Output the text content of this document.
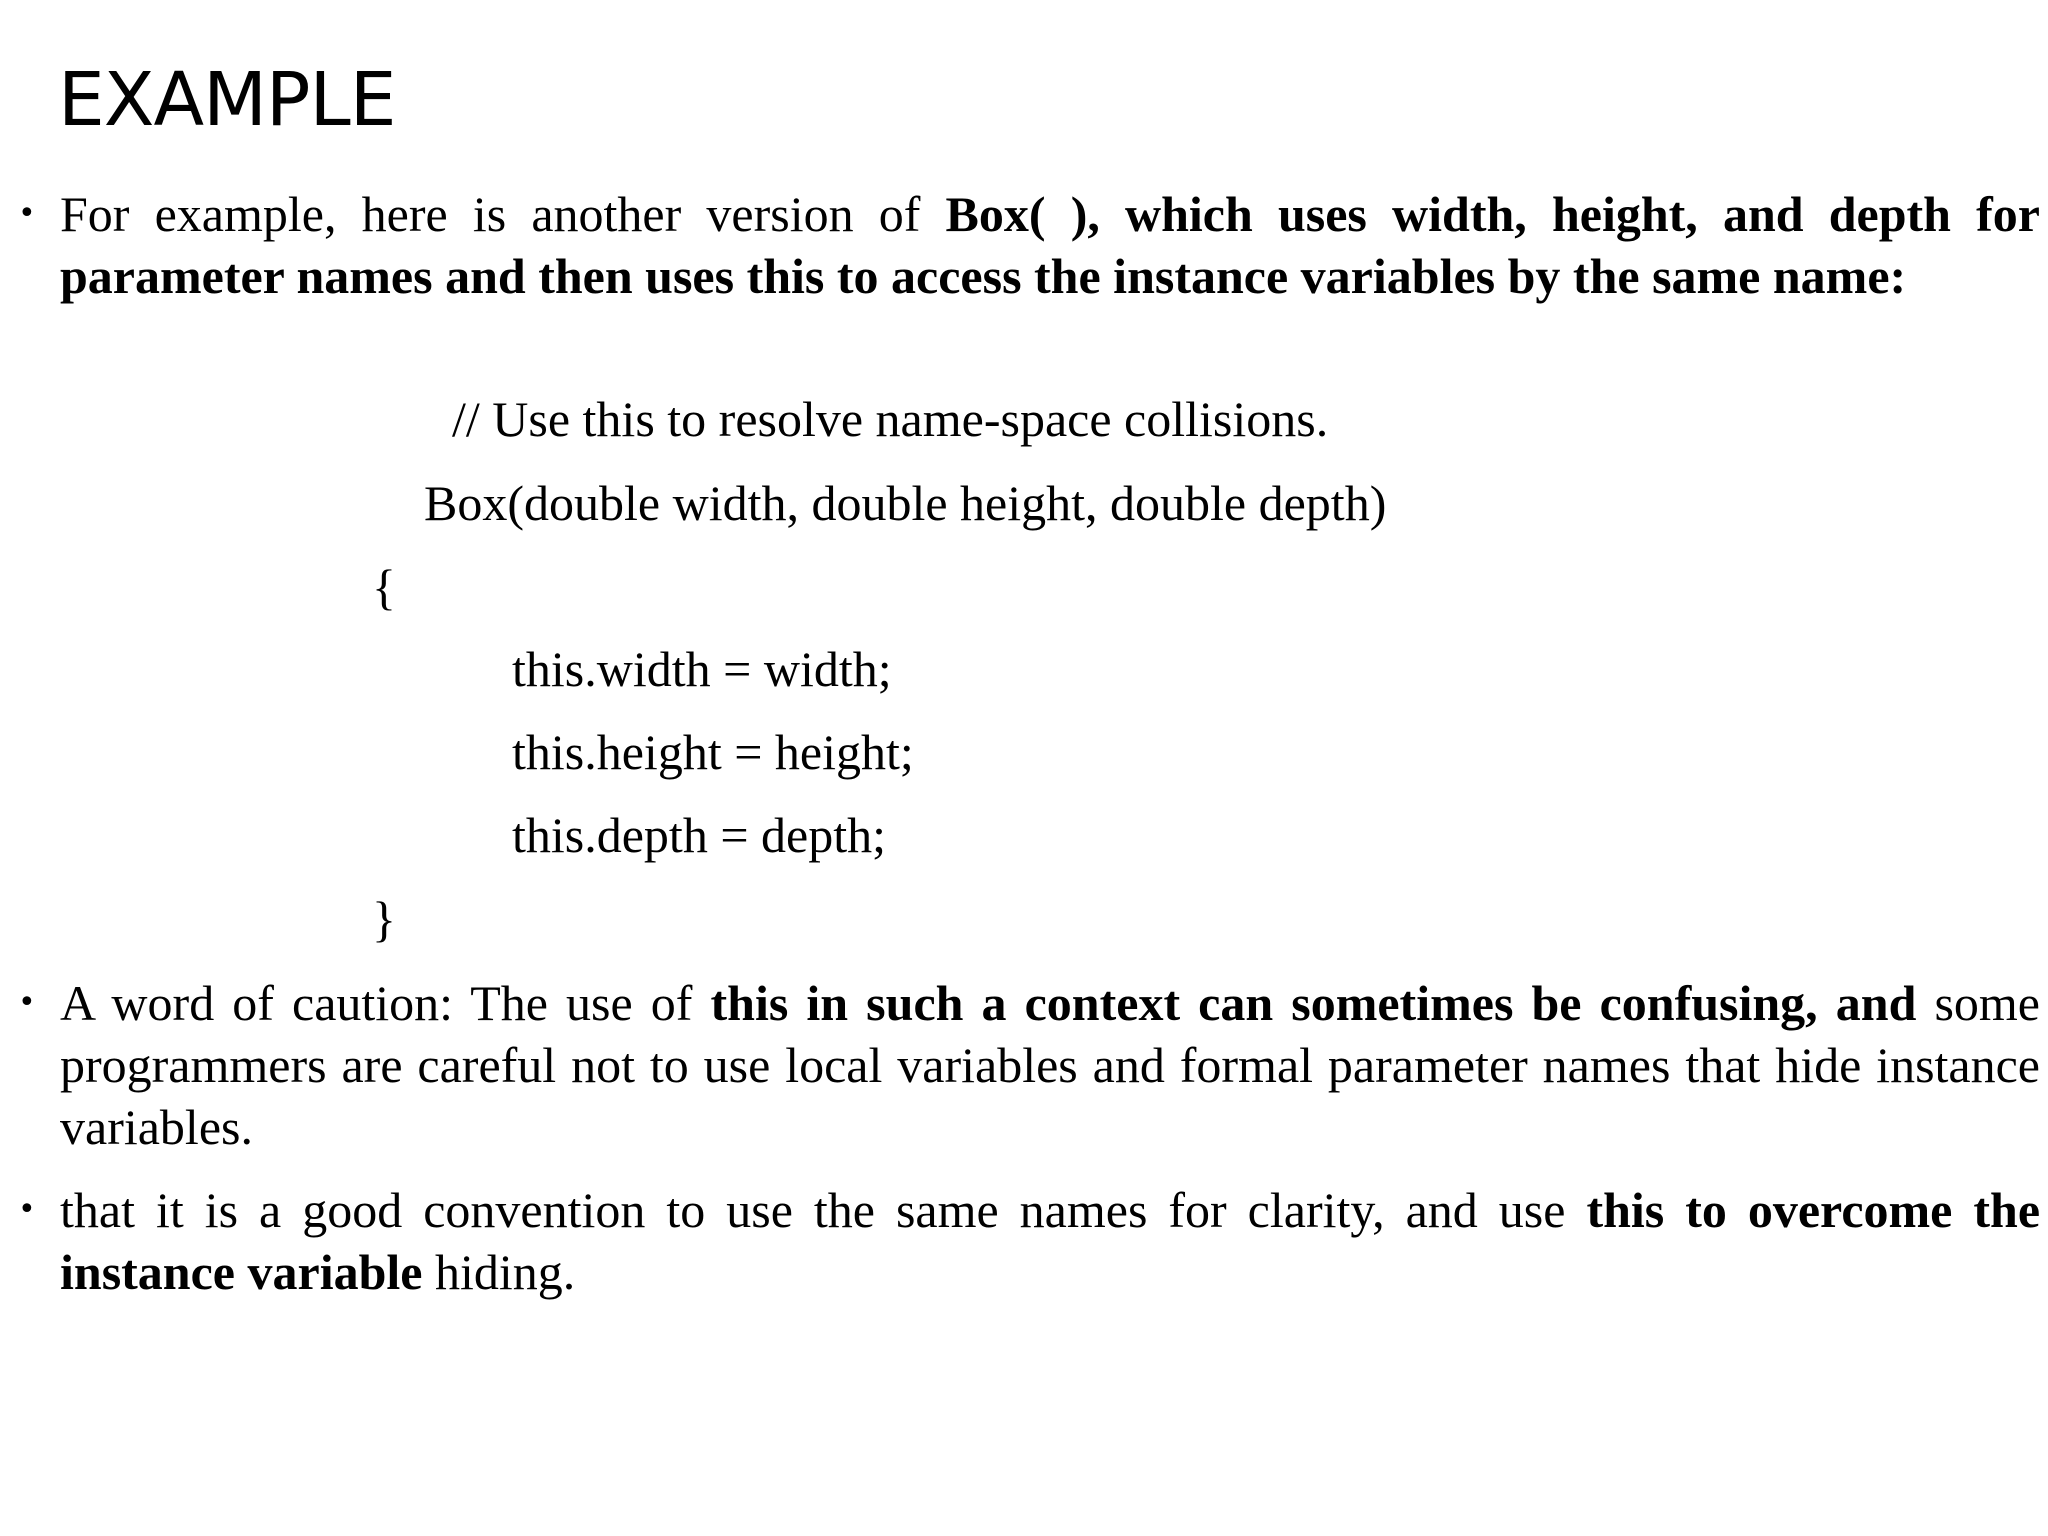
EXAMPLE
• For example, here is another version of Box( ), which uses width, height, and depth for parameter names and then uses this to access the instance variables by the same name:
// Use this to resolve name-space collisions.
Box(double width, double height, double depth)
{
this.width = width;
this.height = height;
this.depth = depth;
}
• A word of caution: The use of this in such a context can sometimes be confusing, and some programmers are careful not to use local variables and formal parameter names that hide instance variables.
• that it is a good convention to use the same names for clarity, and use this to overcome the instance variable hiding.
